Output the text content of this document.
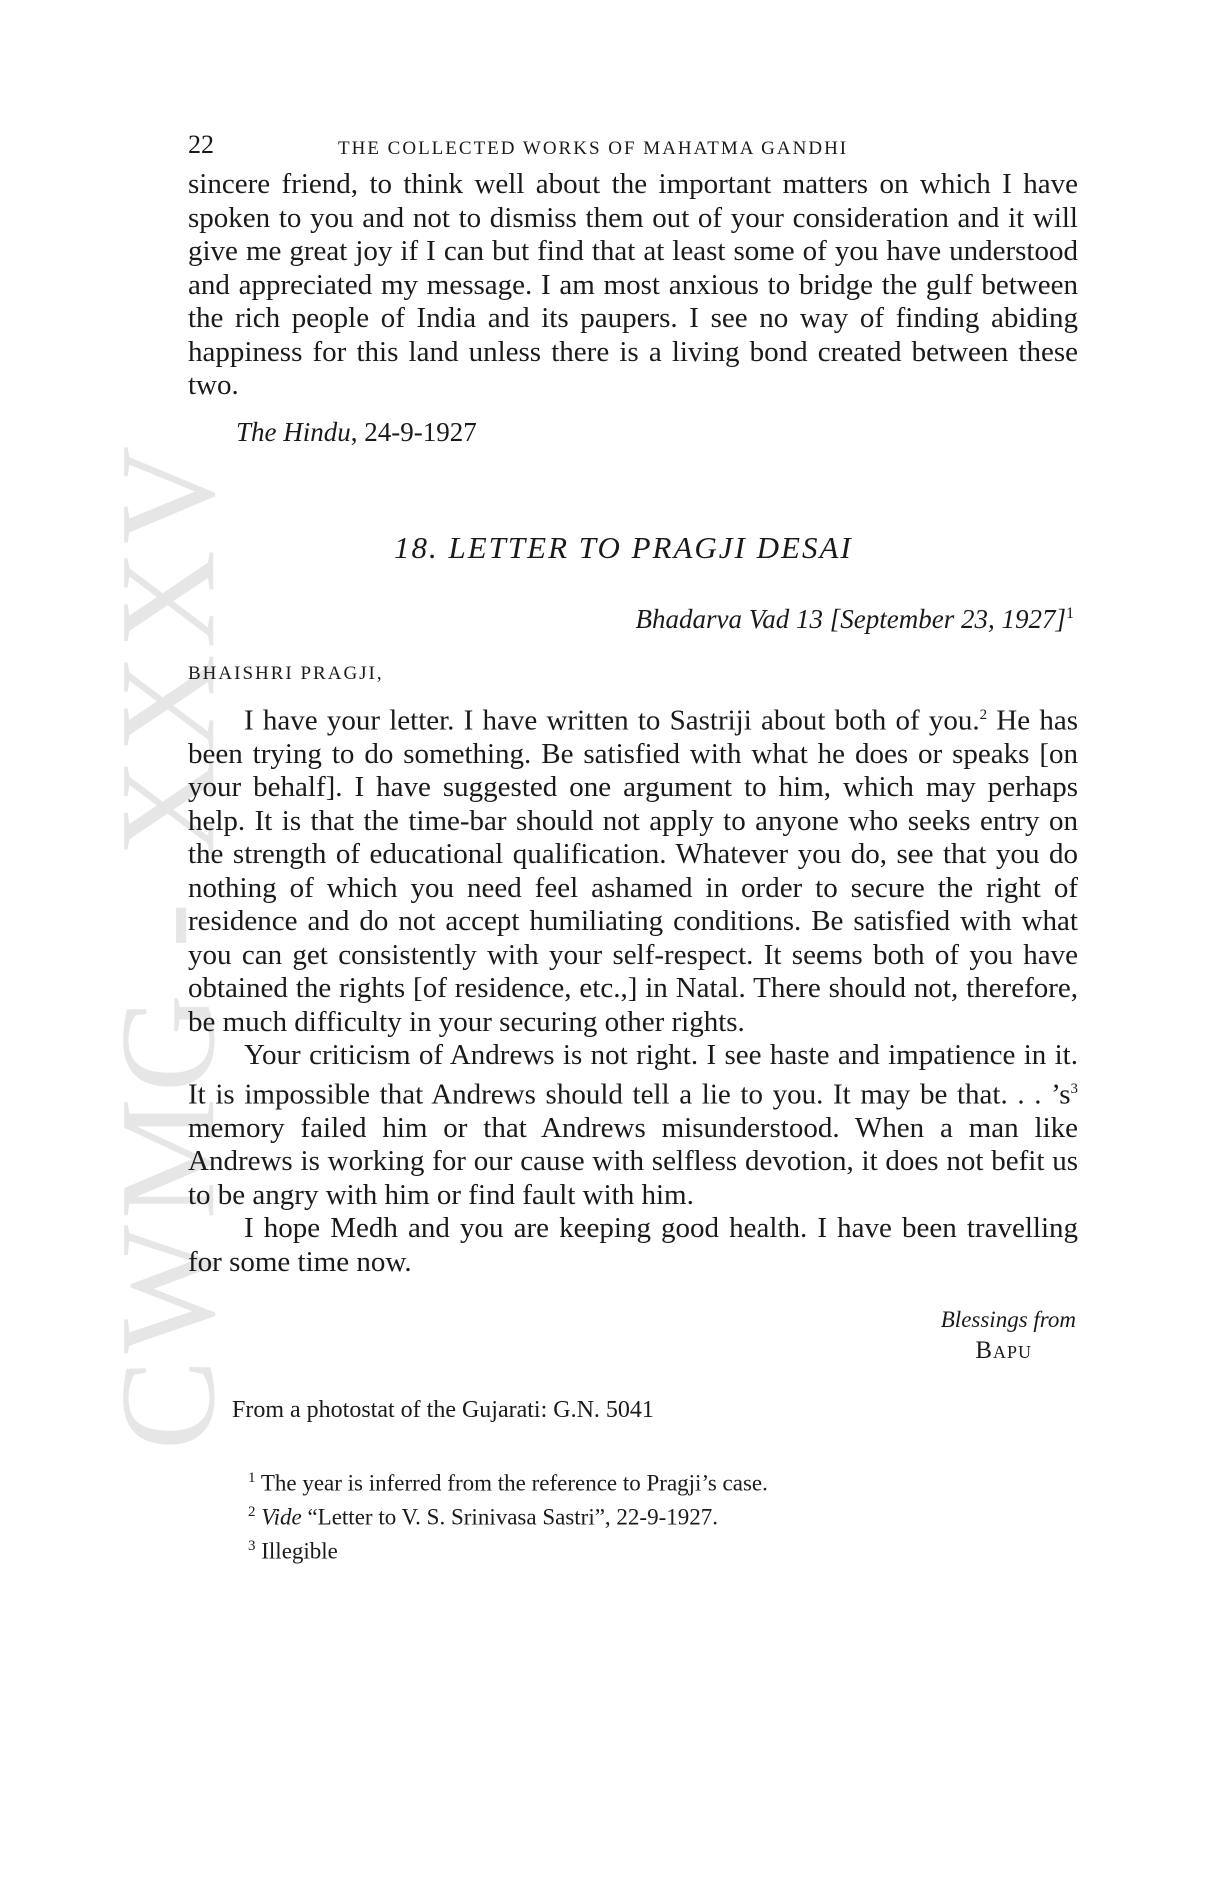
CWMG - XXXV
22	THE COLLECTED WORKS OF MAHATMA GANDHI

sincere friend, to think well about the important matters on which I have spoken to you and not to dismiss them out of your consideration and it will give me great joy if I can but find that at least some of you have understood and appreciated my message. I am most anxious to bridge the gulf between the rich people of India and its paupers. I see no way of finding abiding happiness for this land unless there is a living bond created between these two.

The Hindu, 24-9-1927

18. LETTER TO PRAGJI DESAI

Bhadarva Vad 13 [September 23, 1927]$^1$

BHAISHRI PRAGJI,

I have your letter. I have written to Sastriji about both of you.$^2$ He has been trying to do something. Be satisfied with what he does or speaks [on your behalf]. I have suggested one argument to him, which may perhaps help. It is that the time-bar should not apply to anyone who seeks entry on the strength of educational qualification. Whatever you do, see that you do nothing of which you need feel ashamed in order to secure the right of residence and do not accept humiliating conditions. Be satisfied with what you can get consistently with your self-respect. It seems both of you have obtained the rights [of residence, etc.,] in Natal. There should not, therefore, be much difficulty in your securing other rights.

Your criticism of Andrews is not right. I see haste and impatience in it. It is impossible that Andrews should tell a lie to you. It may be that. . . $’s^3$ memory failed him or that Andrews misunderstood. When a man like Andrews is working for our cause with selfless devotion, it does not befit us to be angry with him or find fault with him.

I hope Medh and you are keeping good health. I have been travelling for some time now.

Blessings from

Bapu

From a photostat of the Gujarati: G.N. 5041

$^1$ The year is inferred from the reference to Pragji’s case.

$^2$ Vide “Letter to V. S. Srinivasa Sastri”, 22-9-1927.

$^3$ Illegible
